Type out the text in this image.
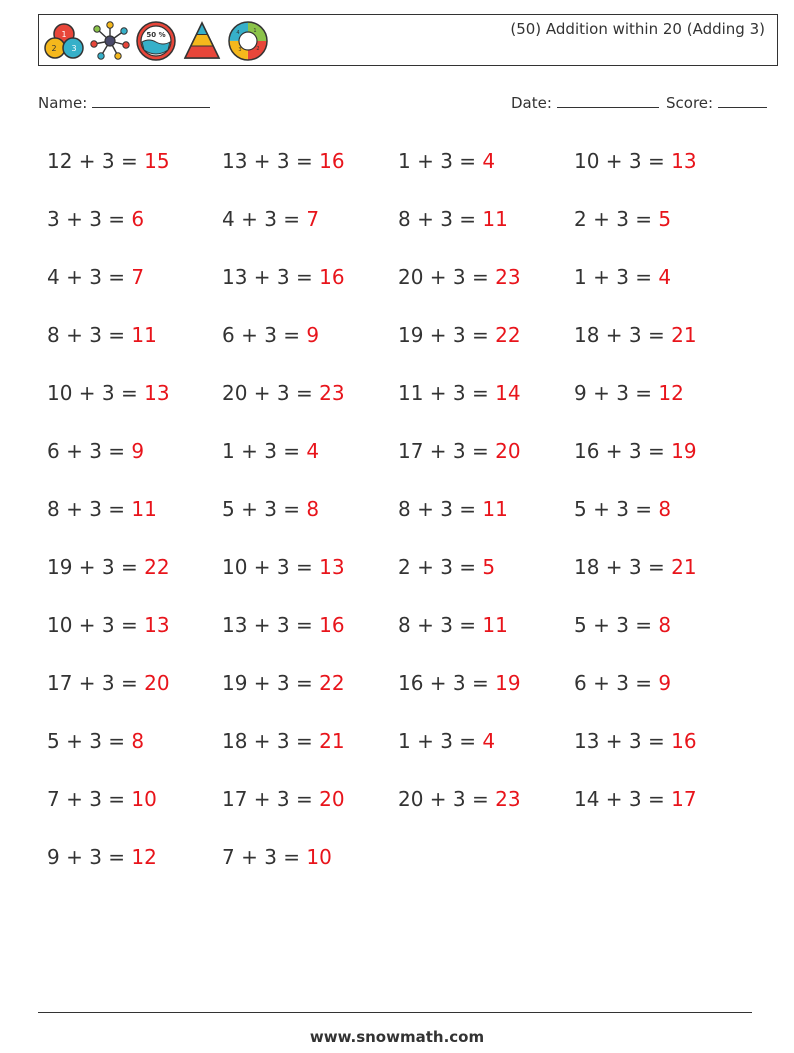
1
2 3
50 %	1
2
3
4	(50) Addition within 20 (Adding 3)
Name:	Date:	Score:
12 + 3 = 15	13 + 3 = 16	1 + 3 = 4	10 + 3 = 13
3 + 3 = 6	4 + 3 = 7	8 + 3 = 11	2 + 3 = 5
4 + 3 = 7	13 + 3 = 16	20 + 3 = 23	1 + 3 = 4
8 + 3 = 11	6 + 3 = 9	19 + 3 = 22	18 + 3 = 21
10 + 3 = 13	20 + 3 = 23	11 + 3 = 14	9 + 3 = 12
6 + 3 = 9	1 + 3 = 4	17 + 3 = 20	16 + 3 = 19
8 + 3 = 11	5 + 3 = 8	8 + 3 = 11	5 + 3 = 8
19 + 3 = 22	10 + 3 = 13	2 + 3 = 5	18 + 3 = 21
10 + 3 = 13	13 + 3 = 16	8 + 3 = 11	5 + 3 = 8
17 + 3 = 20	19 + 3 = 22	16 + 3 = 19	6 + 3 = 9
5 + 3 = 8	18 + 3 = 21	1 + 3 = 4	13 + 3 = 16
7 + 3 = 10	17 + 3 = 20	20 + 3 = 23	14 + 3 = 17
9 + 3 = 12	7 + 3 = 10
www.snowmath.com
